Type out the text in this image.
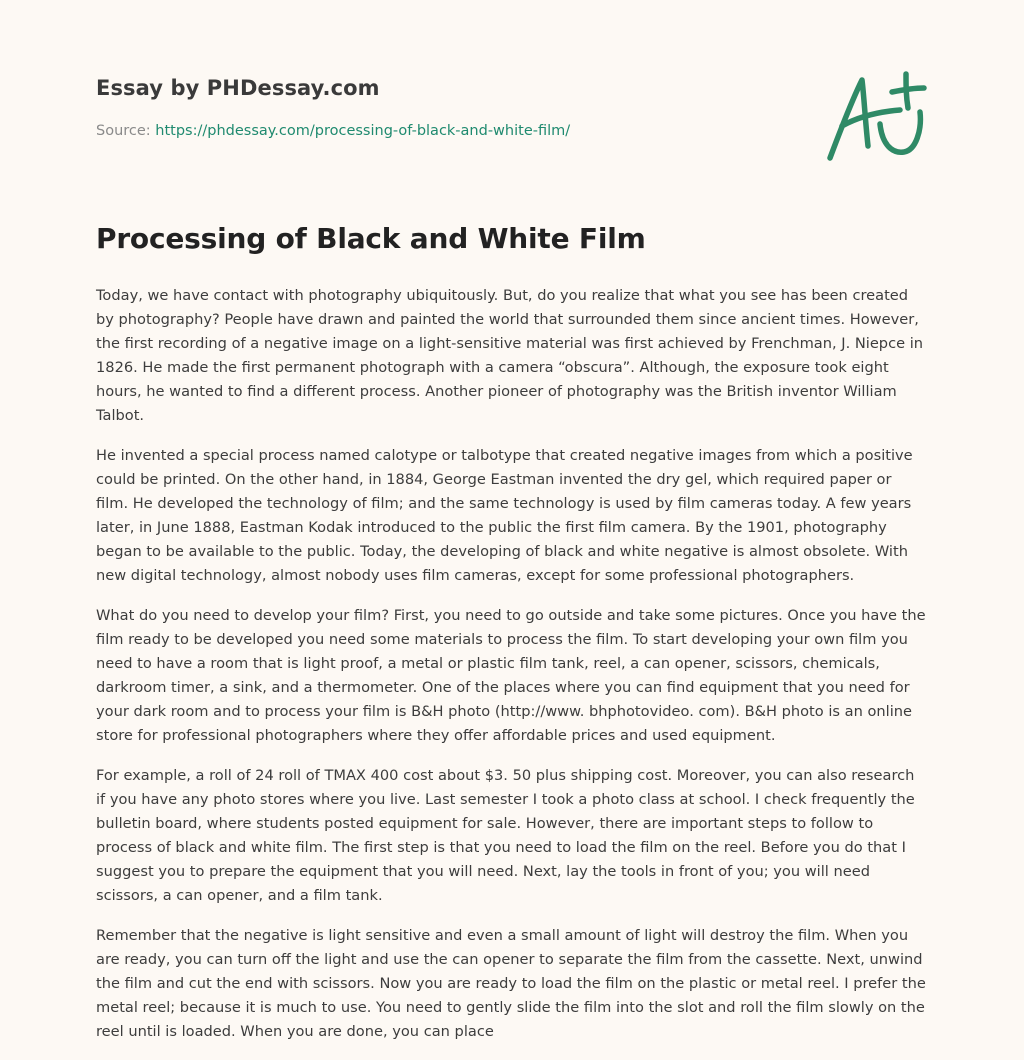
Essay by PHDessay.com
Source: https://phdessay.com/processing-of-black-and-white-film/
Processing of Black and White Film

Today, we have contact with photography ubiquitously. But, do you realize that what you see has been created by photography? People have drawn and painted the world that surrounded them since ancient times. However, the first recording of a negative image on a light-sensitive material was first achieved by Frenchman, J. Niepce in 1826. He made the first permanent photograph with a camera “obscura”. Although, the exposure took eight hours, he wanted to find a different process. Another pioneer of photography was the British inventor William Talbot.

He invented a special process named calotype or talbotype that created negative images from which a positive could be printed. On the other hand, in 1884, George Eastman invented the dry gel, which required paper or film. He developed the technology of film; and the same technology is used by film cameras today. A few years later, in June 1888, Eastman Kodak introduced to the public the first film camera. By the 1901, photography began to be available to the public. Today, the developing of black and white negative is almost obsolete. With new digital technology, almost nobody uses film cameras, except for some professional photographers.

What do you need to develop your film? First, you need to go outside and take some pictures. Once you have the film ready to be developed you need some materials to process the film. To start developing your own film you need to have a room that is light proof, a metal or plastic film tank, reel, a can opener, scissors, chemicals, darkroom timer, a sink, and a thermometer. One of the places where you can find equipment that you need for your dark room and to process your film is B&H photo (http://www. bhphotovideo. com). B&H photo is an online store for professional photographers where they offer affordable prices and used equipment.

For example, a roll of 24 roll of TMAX 400 cost about $3. 50 plus shipping cost. Moreover, you can also research if you have any photo stores where you live. Last semester I took a photo class at school. I check frequently the bulletin board, where students posted equipment for sale. However, there are important steps to follow to process of black and white film. The first step is that you need to load the film on the reel. Before you do that I suggest you to prepare the equipment that you will need. Next, lay the tools in front of you; you will need scissors, a can opener, and a film tank.

Remember that the negative is light sensitive and even a small amount of light will destroy the film. When you are ready, you can turn off the light and use the can opener to separate the film from the cassette. Next, unwind the film and cut the end with scissors. Now you are ready to load the film on the plastic or metal reel. I prefer the metal reel; because it is much to use. You need to gently slide the film into the slot and roll the film slowly on the reel until is loaded. When you are done, you can place
